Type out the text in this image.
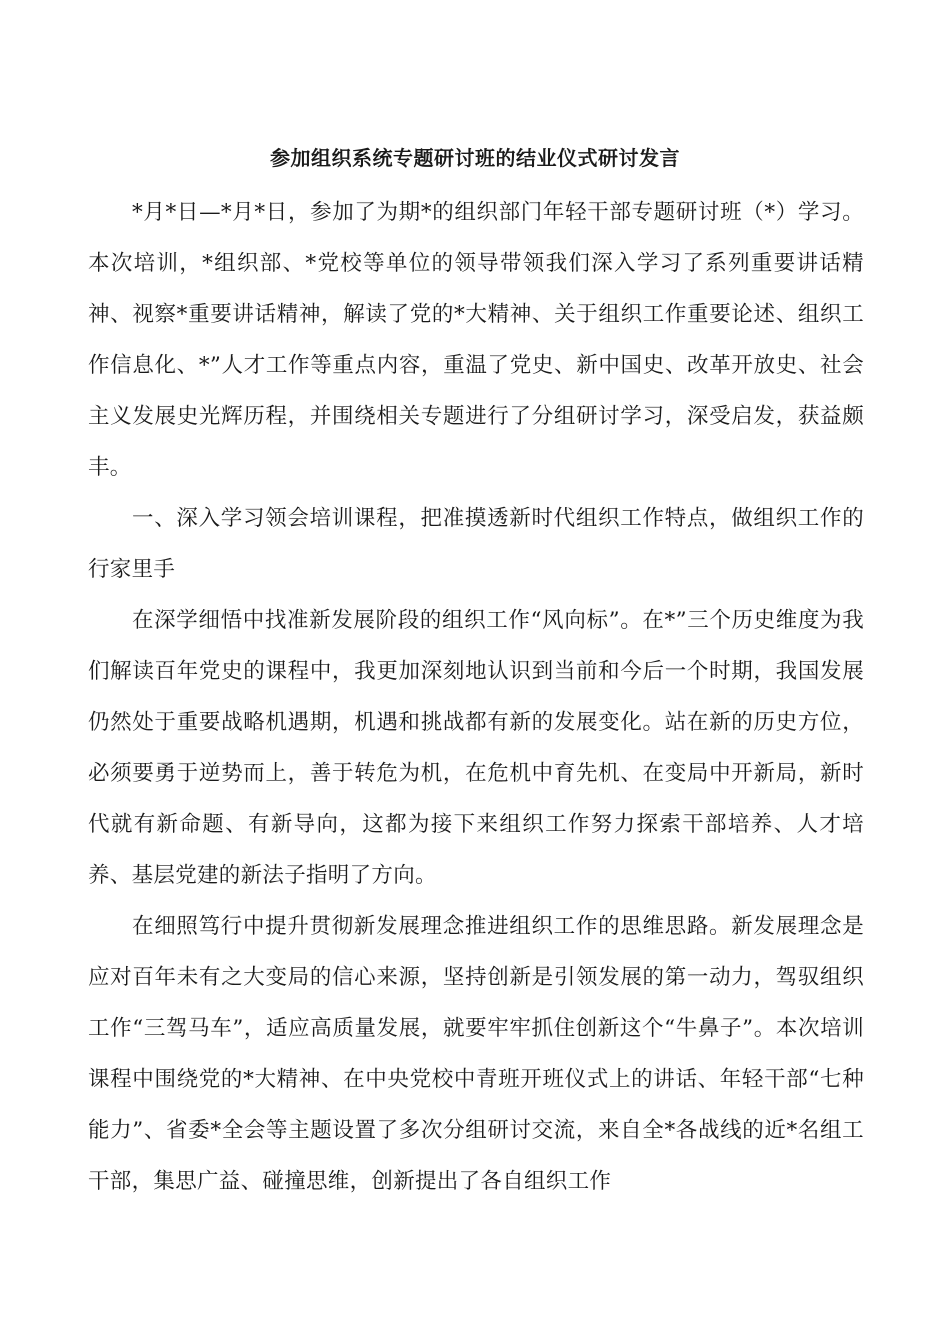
参加组织系统专题研讨班的结业仪式研讨发言

*月*日—*月*日，参加了为期*的组织部门年轻干部专题研讨班（*）学习。本次培训，*组织部、*党校等单位的领导带领我们深入学习了系列重要讲话精神、视察*重要讲话精神，解读了党的*大精神、关于组织工作重要论述、组织工作信息化、*”人才工作等重点内容，重温了党史、新中国史、改革开放史、社会主义发展史光辉历程，并围绕相关专题进行了分组研讨学习，深受启发，获益颇丰。

一、深入学习领会培训课程，把准摸透新时代组织工作特点，做组织工作的行家里手

在深学细悟中找准新发展阶段的组织工作“风向标”。在*”三个历史维度为我们解读百年党史的课程中，我更加深刻地认识到当前和今后一个时期，我国发展仍然处于重要战略机遇期，机遇和挑战都有新的发展变化。站在新的历史方位，必须要勇于逆势而上，善于转危为机，在危机中育先机、在变局中开新局，新时代就有新命题、有新导向，这都为接下来组织工作努力探索干部培养、人才培养、基层党建的新法子指明了方向。

在细照笃行中提升贯彻新发展理念推进组织工作的思维思路。新发展理念是应对百年未有之大变局的信心来源，坚持创新是引领发展的第一动力，驾驭组织工作“三驾马车”，适应高质量发展，就要牢牢抓住创新这个“牛鼻子”。本次培训课程中围绕党的*大精神、在中央党校中青班开班仪式上的讲话、年轻干部“七种能力”、省委*全会等主题设置了多次分组研讨交流，来自全*各战线的近*名组工干部，集思广益、碰撞思维，创新提出了各自组织工作
